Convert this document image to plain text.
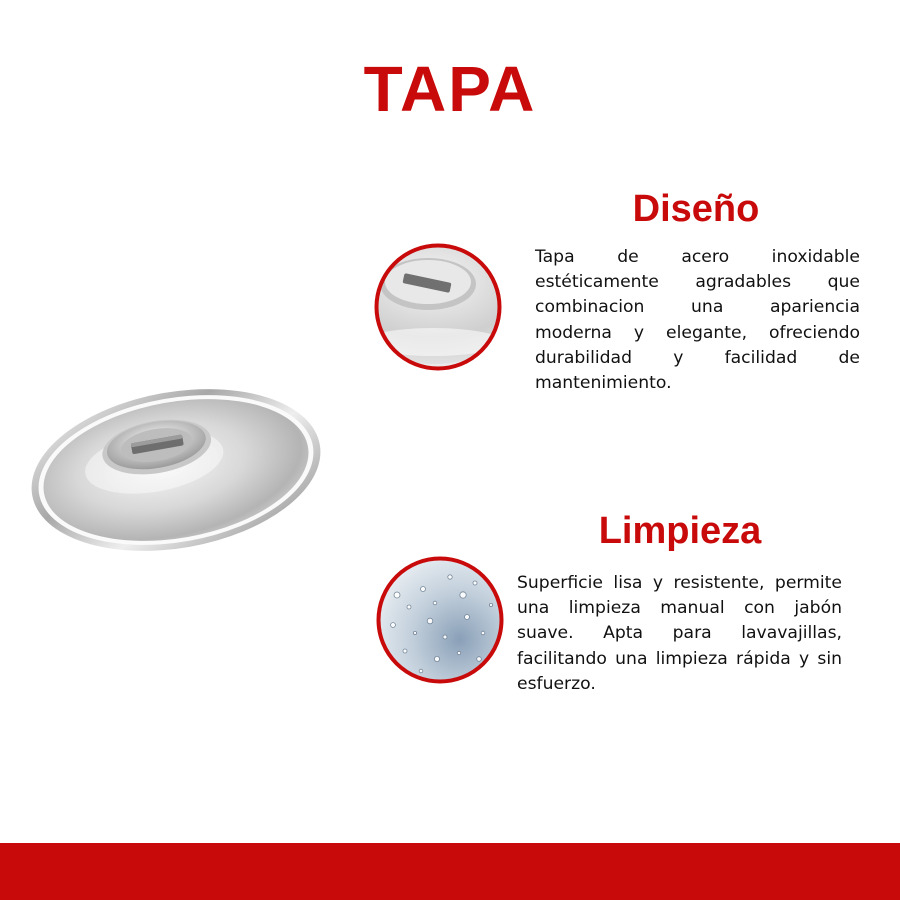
TAPA
Diseño

Tapa de acero inoxidable estéticamente agradables que combinacion una apariencia moderna y elegante, ofreciendo durabilidad y facilidad de mantenimiento.

Limpieza

Superficie lisa y resistente, permite una limpieza manual con jabón suave. Apta para lavavajillas, facilitando una limpieza rápida y sin esfuerzo.
